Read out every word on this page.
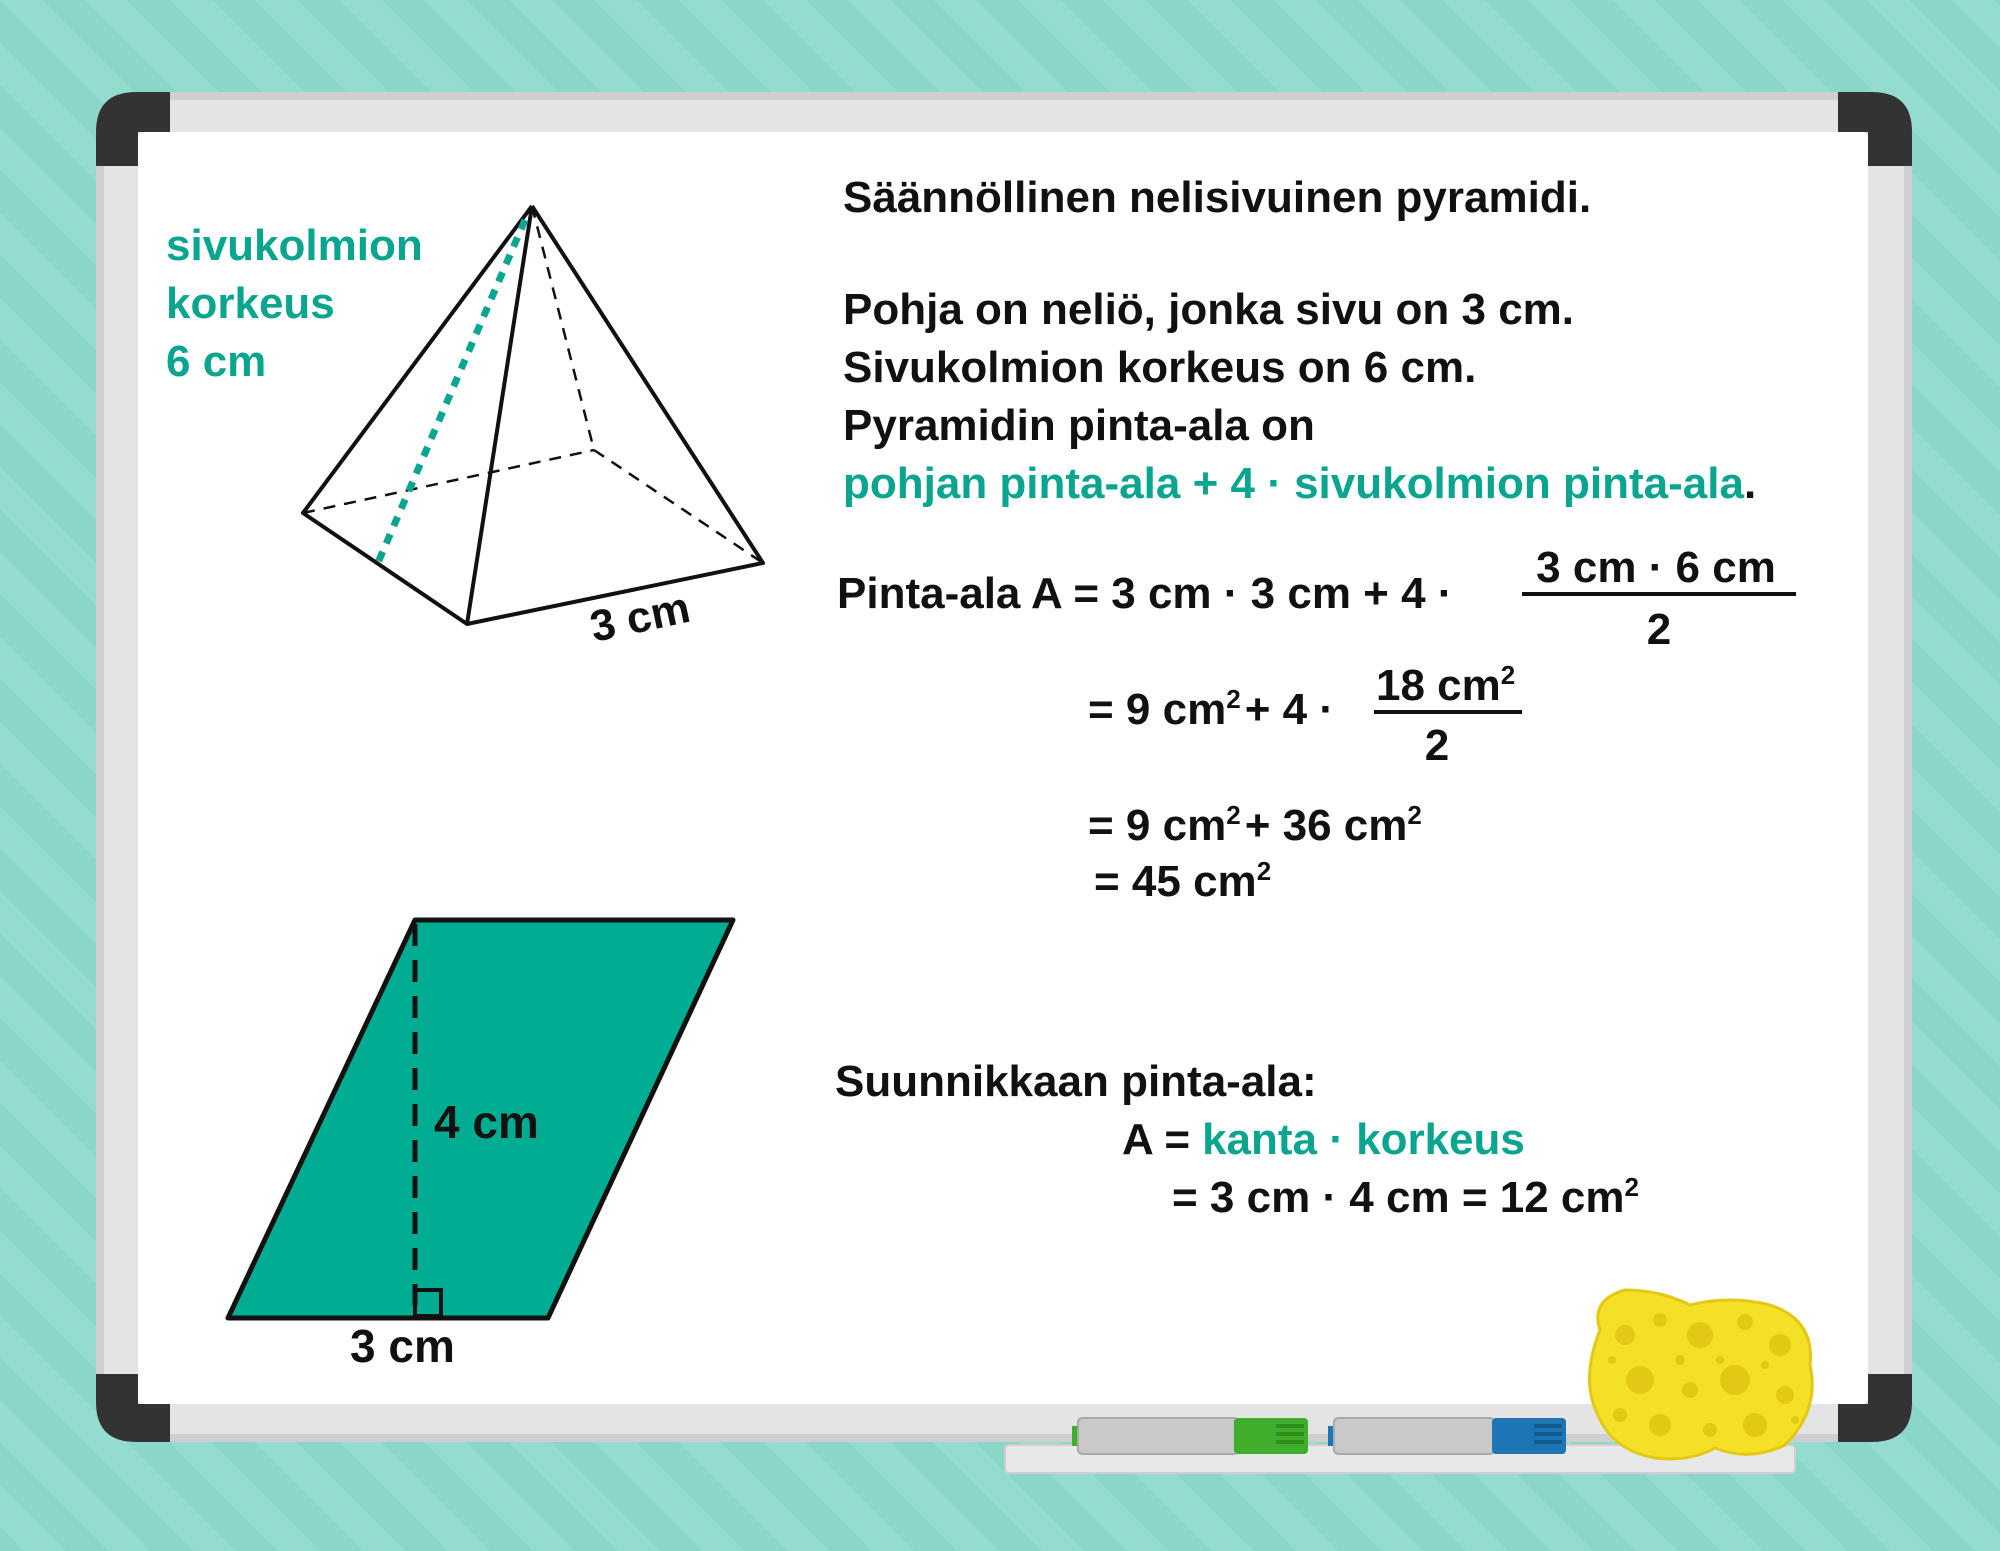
sivukolmion korkeus 6 cm
3 cm
4 cm
3 cm
Säännöllinen nelisivuinen pyramidi.
Pohja on neliö, jonka sivu on 3 cm.
Sivukolmion korkeus on 6 cm.
Pyramidin pinta-ala on
pohjan pinta-ala + 4 · sivukolmion pinta-ala.
Pinta-ala A = 3 cm · 3 cm + 4 ·
3 cm · 6 cm
2
= 9 $cm^2+ 4 \cdot 18$ $cm^2$
2
= 9 $cm^2+ 36$ $cm^2$
= 45 $cm^2$
Suunnikkaan pinta-ala:
A = kanta · korkeus
= 3 cm · 4 cm = 12 $cm^2$
